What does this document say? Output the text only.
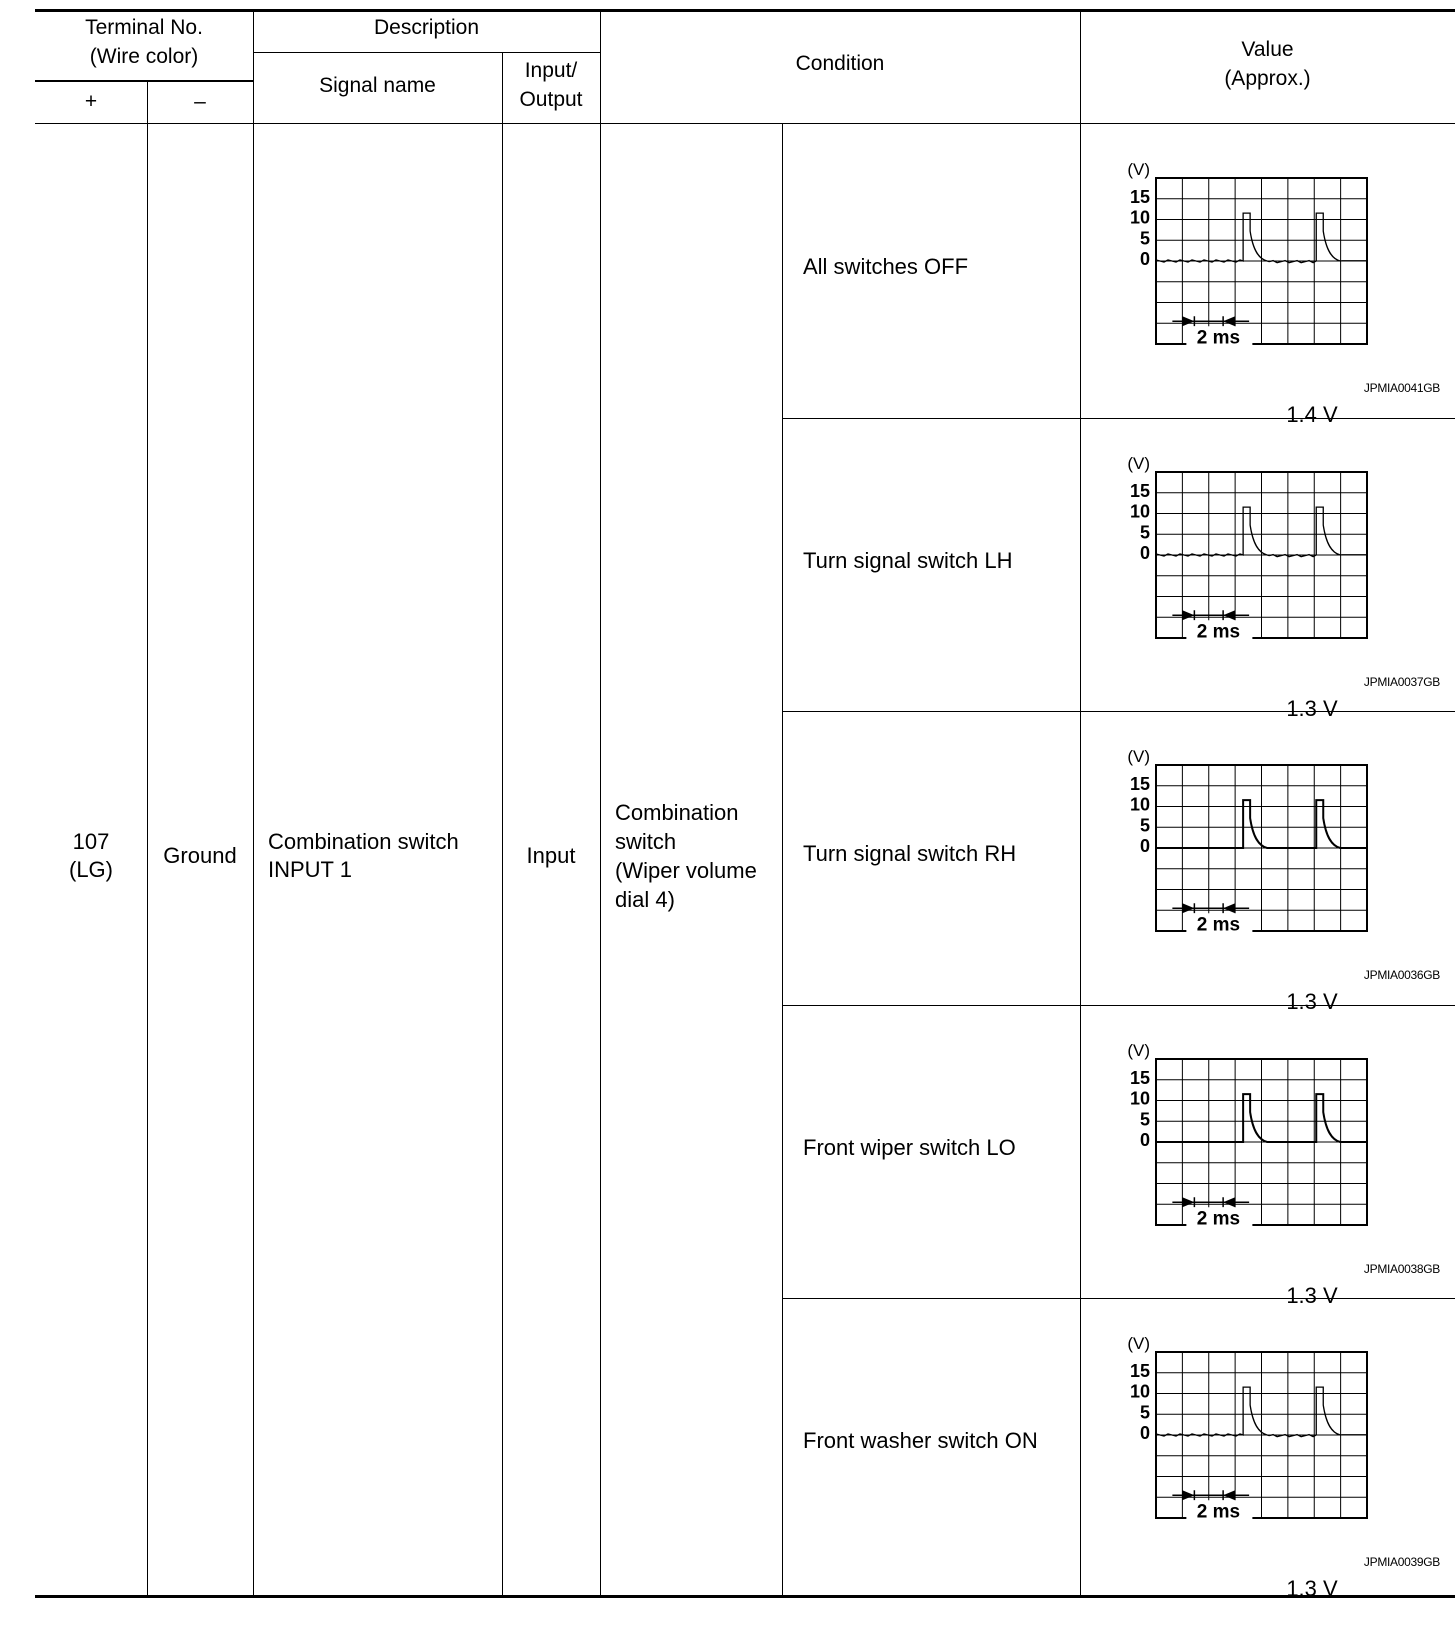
Terminal No.
(Wire color)
+	–
Description
Signal name
Input/
Output
Condition
Value
(Approx.)
107
(LG)
Ground
Combination switch
INPUT 1
Input
Combination
switch
(Wiper volume
dial 4)
All switches OFF
Turn signal switch LH
Turn signal switch RH
Front wiper switch LO
Front washer switch ON
(V)
15
10
5
0
2 ms
JPMIA0041GB
1.4 V
(V)
15
10
5
0
2 ms
JPMIA0037GB
1.3 V
(V)
15
10
5
0
2 ms
JPMIA0036GB
1.3 V
(V)
15
10
5
0
2 ms
JPMIA0038GB
1.3 V
(V)
15
10
5
0
2 ms
JPMIA0039GB
1.3 V
